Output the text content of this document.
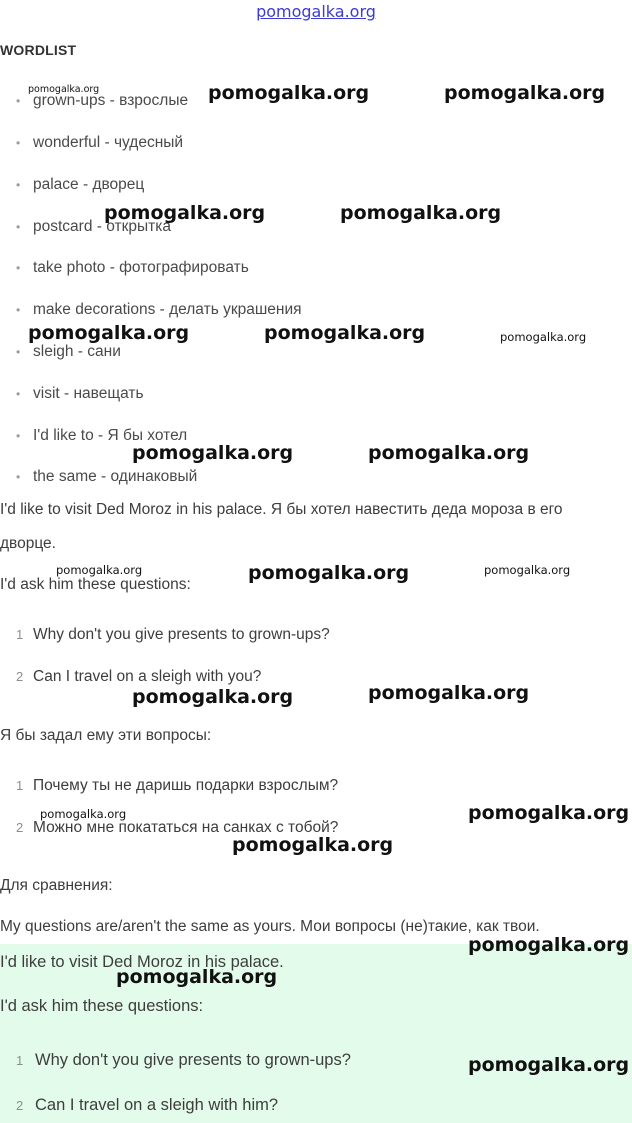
pomogalka.org
WORDLIST
• grown-ups - взрослые
• wonderful - чудесный
• palace - дворец
• postcard - открытка
• take photo - фотографировать
• make decorations - делать украшения
• sleigh - сани
• visit - навещать
• I'd like to - Я бы хотел
• the same - одинаковый
I'd like to visit Ded Moroz in his palace. Я бы хотел навестить деда мороза в его
дворце.
I'd ask him these questions:
1 Why don't you give presents to grown-ups?
2 Can I travel on a sleigh with you?
Я бы задал ему эти вопросы:
1 Почему ты не даришь подарки взрослым?
2 Можно мне покататься на санках с тобой?
Для сравнения:
My questions are/aren't the same as yours. Мои вопросы (не)такие, как твои.
I'd like to visit Ded Moroz in his palace.
I'd ask him these questions:
1 Why don't you give presents to grown-ups?
2 Can I travel on a sleigh with him?
pomogalka.org	pomogalka.org	pomogalka.org
pomogalka.org	pomogalka.org
pomogalka.org	pomogalka.org	pomogalka.org
pomogalka.org	pomogalka.org
pomogalka.org	pomogalka.org	pomogalka.org
pomogalka.org	pomogalka.org
pomogalka.org	pomogalka.org
pomogalka.org
pomogalka.org
pomogalka.org
pomogalka.org
